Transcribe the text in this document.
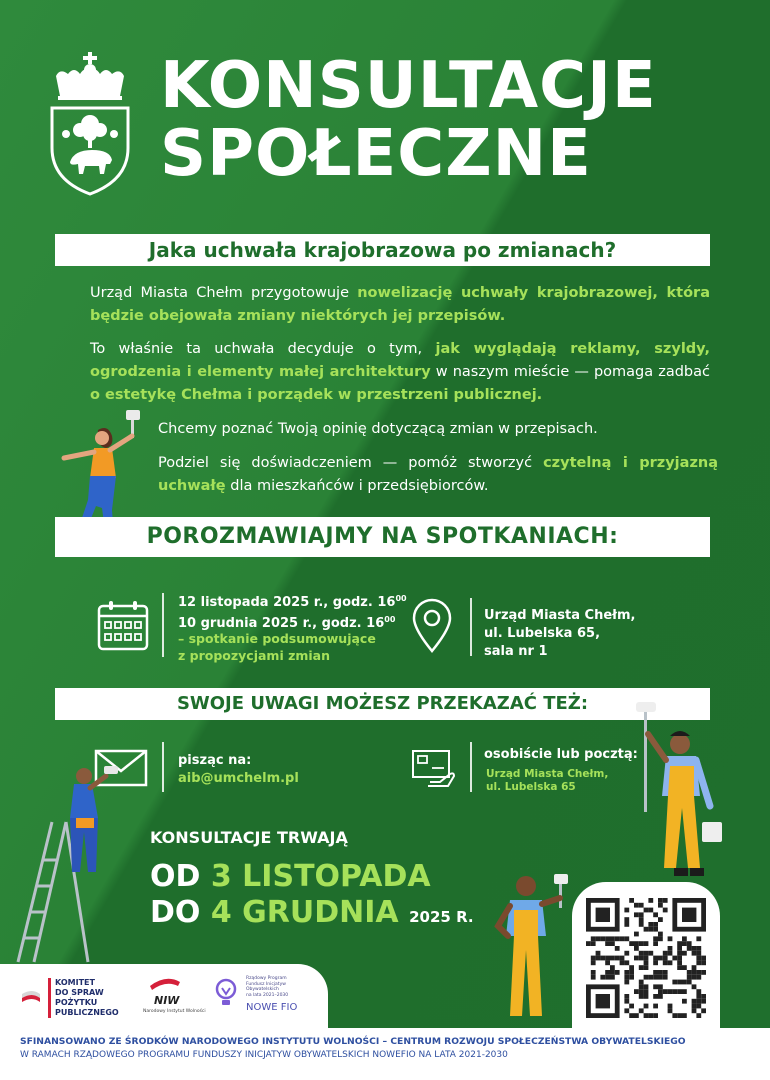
KONSULTACJE
SPOŁECZNE
Jaka uchwała krajobrazowa po zmianach?
Urząd Miasta Chełm przygotowuje nowelizację uchwały krajobrazowej, która będzie obejowała zmiany niektórych jej przepisów.
To właśnie ta uchwała decyduje o tym, jak wyglądają reklamy, szyldy, ogrodzenia i elementy małej architektury w naszym mieście — pomaga zadbać o estetykę Chełma i porządek w przestrzeni publicznej.
Chcemy poznać Twoją opinię dotyczącą zmian w przepisach.
Podziel się doświadczeniem — pomóż stworzyć czytelną i przyjazną uchwałę dla mieszkańców i przedsiębiorców.
POROZMAWIAJMY NA SPOTKANIACH:
12 listopada 2025 r., godz. $16^{00}$
10 grudnia 2025 r., godz. $16^{00}$
– spotkanie podsumowujące
z propozycjami zmian
Urząd Miasta Chełm,
ul. Lubelska 65,
sala nr 1
SWOJE UWAGI MOŻESZ PRZEKAZAĆ TEŻ:
pisząc na:
aib@umchelm.pl
osobiście lub pocztą:
Urząd Miasta Chełm,
ul. Lubelska 65
KONSULTACJE TRWAJĄ
OD 3 LISTOPADA
DO 4 GRUDNIA 2025 R.
KOMITET
DO SPRAW
POŻYTKU
PUBLICZNEGO
NIW
Narodowy Instytut Wolności
Rządowy Program
Fundusz Inicjatyw
Obywatelskich
na lata 2021–2030
NOWE FIO
SFINANSOWANO ZE ŚRODKÓW NARODOWEGO INSTYTUTU WOLNOŚCI – CENTRUM ROZWOJU SPOŁECZEŃSTWA OBYWATELSKIEGO
W RAMACH RZĄDOWEGO PROGRAMU FUNDUSZY INICJATYW OBYWATELSKICH NOWEFIO NA LATA 2021-2030
